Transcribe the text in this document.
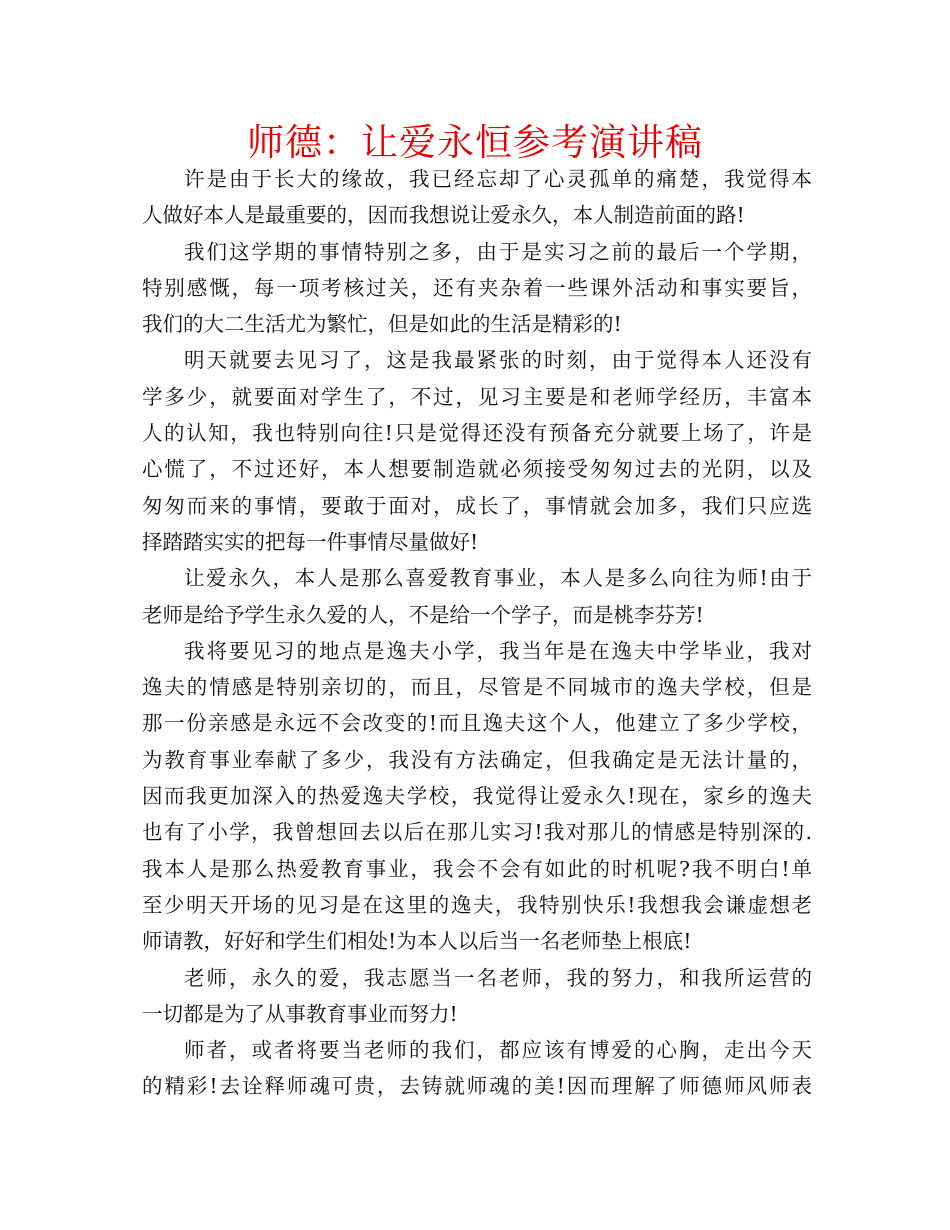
师德：让爱永恒参考演讲稿
许是由于长大的缘故，我已经忘却了心灵孤单的痛楚，我觉得本
人做好本人是最重要的，因而我想说让爱永久，本人制造前面的路!
我们这学期的事情特别之多，由于是实习之前的最后一个学期，
特别感慨，每一项考核过关，还有夹杂着一些课外活动和事实要旨，
我们的大二生活尤为繁忙，但是如此的生活是精彩的!
明天就要去见习了，这是我最紧张的时刻，由于觉得本人还没有
学多少，就要面对学生了，不过，见习主要是和老师学经历，丰富本
人的认知，我也特别向往!只是觉得还没有预备充分就要上场了，许是
心慌了，不过还好，本人想要制造就必须接受匆匆过去的光阴，以及
匆匆而来的事情，要敢于面对，成长了，事情就会加多，我们只应选
择踏踏实实的把每一件事情尽量做好!
让爱永久，本人是那么喜爱教育事业，本人是多么向往为师!由于
老师是给予学生永久爱的人，不是给一个学子，而是桃李芬芳!
我将要见习的地点是逸夫小学，我当年是在逸夫中学毕业，我对
逸夫的情感是特别亲切的，而且，尽管是不同城市的逸夫学校，但是
那一份亲感是永远不会改变的!而且逸夫这个人，他建立了多少学校，
为教育事业奉献了多少，我没有方法确定，但我确定是无法计量的，
因而我更加深入的热爱逸夫学校，我觉得让爱永久!现在，家乡的逸夫
也有了小学，我曾想回去以后在那儿实习!我对那儿的情感是特别深的.
我本人是那么热爱教育事业，我会不会有如此的时机呢?我不明白!单
至少明天开场的见习是在这里的逸夫，我特别快乐!我想我会谦虚想老
师请教，好好和学生们相处!为本人以后当一名老师垫上根底!
老师，永久的爱，我志愿当一名老师，我的努力，和我所运营的
一切都是为了从事教育事业而努力!
师者，或者将要当老师的我们，都应该有博爱的心胸，走出今天
的精彩!去诠释师魂可贵，去铸就师魂的美!因而理解了师德师风师表
